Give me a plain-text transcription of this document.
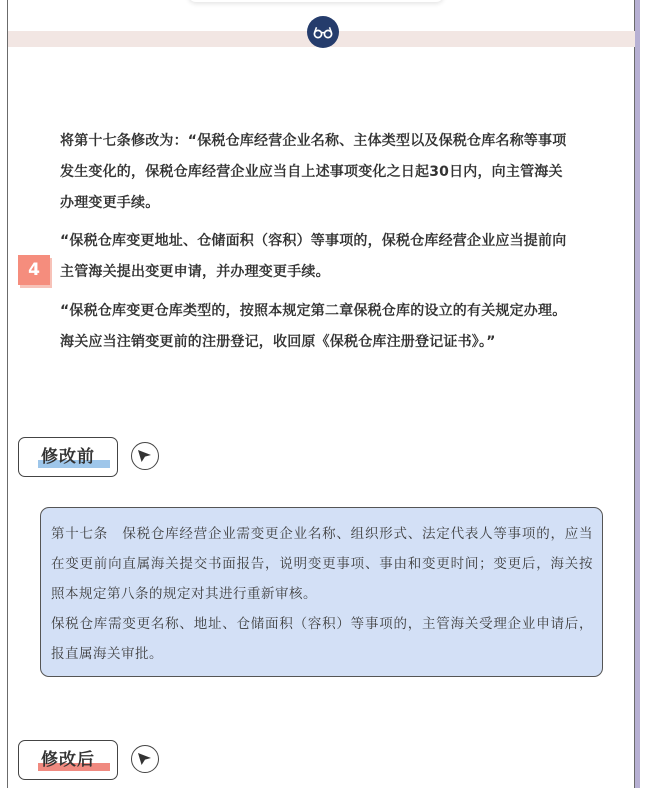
将第十七条修改为：“保税仓库经营企业名称、主体类型以及保税仓库名称等事项发生变化的，保税仓库经营企业应当自上述事项变化之日起30日内，向主管海关办理变更手续。

“保税仓库变更地址、仓储面积（容积）等事项的，保税仓库经营企业应当提前向主管海关提出变更申请，并办理变更手续。

“保税仓库变更仓库类型的，按照本规定第二章保税仓库的设立的有关规定办理。海关应当注销变更前的注册登记，收回原《保税仓库注册登记证书》。”

4
修改前

第十七条　保税仓库经营企业需变更企业名称、组织形式、法定代表人等事项的，应当在变更前向直属海关提交书面报告，说明变更事项、事由和变更时间；变更后，海关按照本规定第八条的规定对其进行重新审核。

保税仓库需变更名称、地址、仓储面积（容积）等事项的，主管海关受理企业申请后，报直属海关审批。

修改后
